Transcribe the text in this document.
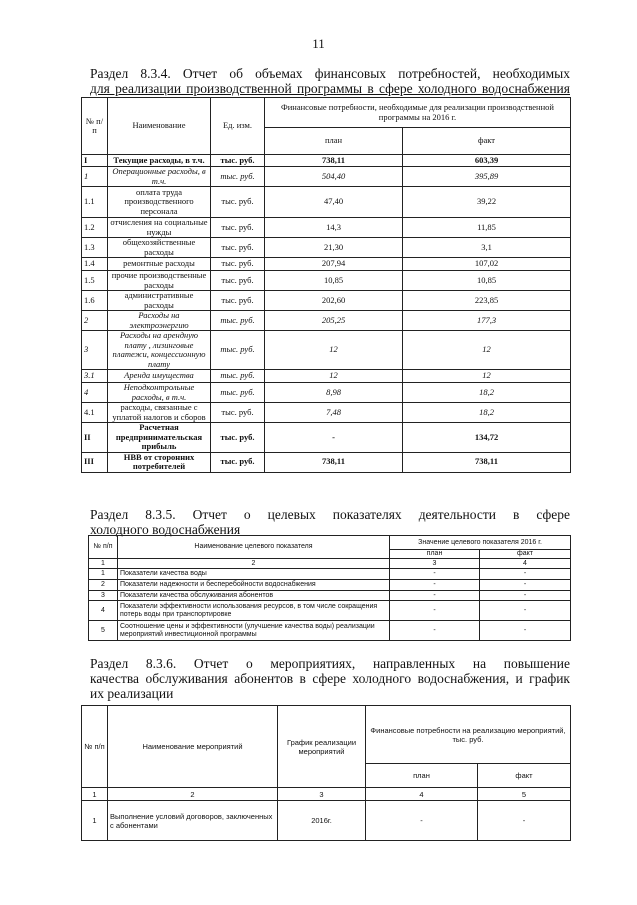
11
Раздел 8.3.4. Отчет об объемах финансовых потребностей, необходимых
для реализации производственной программы в сфере холодного водоснабжения
№ п/п	Наименование	Ед. изм.	Финансовые потребности, необходимые для реализации производственной программы на 2016 г.	
			план	факт
I	Текущие расходы, в т.ч.	тыс. руб.	738,11	603,39
1	Операционные расходы, в т.ч.	тыс. руб.	504,40	395,89
1.1	оплата труда производственного персонала	тыс. руб.	47,40	39,22
1.2	отчисления на социальные нужды	тыс. руб.	14,3	11,85
1.3	общехозяйственные расходы	тыс. руб.	21,30	3,1
1.4	ремонтные расходы	тыс. руб.	207,94	107,02
1.5	прочие производственные расходы	тыс. руб.	10,85	10,85
1.6	административные расходы	тыс. руб.	202,60	223,85
2	Расходы на электроэнергию	тыс. руб.	205,25	177,3
3	Расходы на арендную плату , лизинговые платежи, концессионную плату	тыс. руб.	12	12
3.1	Аренда имущества	тыс. руб.	12	12
4	Неподконтрольные расходы, в т.ч.	тыс. руб.	8,98	18,2
4.1	расходы, связанные с уплатой налогов и сборов	тыс. руб.	7,48	18,2
II	Расчетная предпринимательская прибыль	тыс. руб.	-	134,72
III	НВВ от сторонних потребителей	тыс. руб.	738,11	738,11
Раздел 8.3.5. Отчет о целевых показателях деятельности в сфере
холодного водоснабжения
№ п/п	Наименование целевого показателя	Значение целевого показателя 2016 г.	
		план	факт
1	2	3	4
1	Показатели качества воды	-	-
2	Показатели надежности и бесперебойности водоснабжения	-	-
3	Показатели качества обслуживания абонентов	-	-
4	Показатели эффективности использования ресурсов, в том числе сокращения потерь воды при транспортировке	-	-
5	Соотношение цены и эффективности (улучшение качества воды) реализации мероприятий инвестиционной программы	-	-
Раздел 8.3.6. Отчет о мероприятиях, направленных на повышение
качества обслуживания абонентов в сфере холодного водоснабжения, и график
их реализации
№ п/п	Наименование мероприятий	График реализации мероприятий	Финансовые потребности на реализацию мероприятий, тыс. руб.	
			план	факт
1	2	3	4	5
1	Выполнение условий договоров, заключенных с абонентами	2016г.	-	-
